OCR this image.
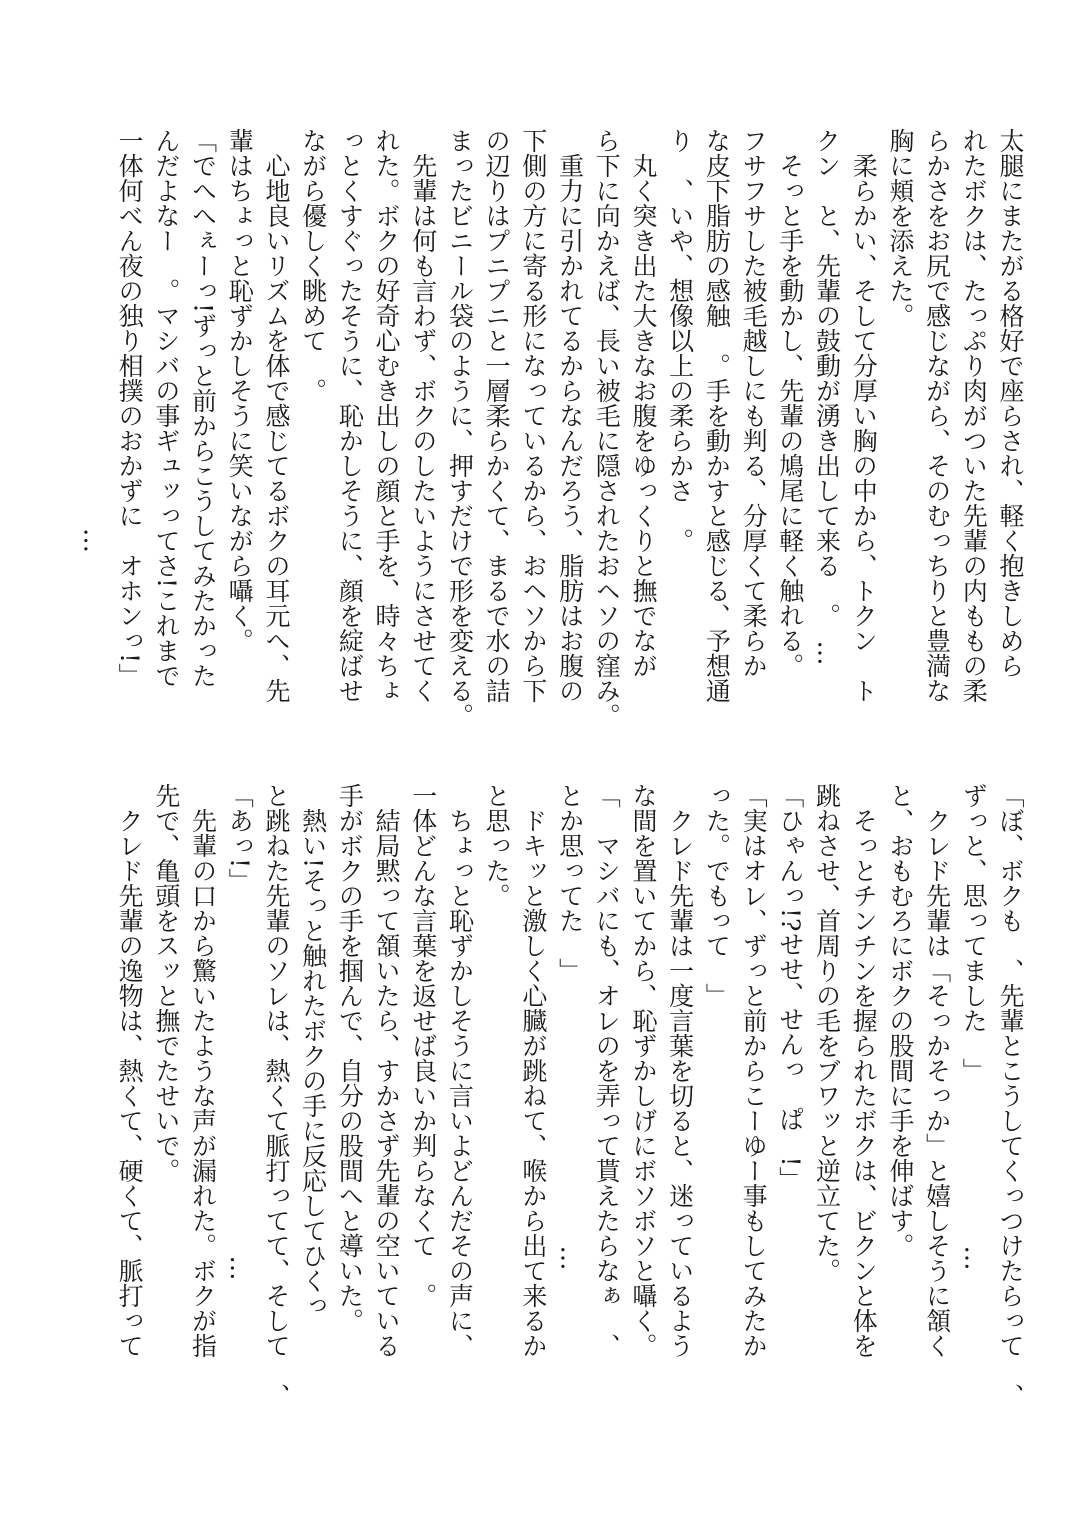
太腿にまたがる格好で座らされ、軽く抱きしめら
れたボクは、たっぷり肉がついた先輩の内ももの柔
らかさをお尻で感じながら、そのむっちりと豊満な
胸に頬を添えた。
　柔らかい、そして分厚い胸の中から、トクン　ト
クン　と、先輩の鼓動が湧き出して来る　。　…
　そっと手を動かし、先輩の鳩尾に軽く触れる。
フサフサした被毛越しにも判る、分厚くて柔らか
な皮下脂肪の感触　。手を動かすと感じる、予想通
り　、いや、想像以上の柔らかさ　。
　丸く突き出た大きなお腹をゆっくりと撫でなが
ら下に向かえば、長い被毛に隠されたおヘソの窪み。
　重力に引かれてるからなんだろう、脂肪はお腹の
下側の方に寄る形になっているから、おヘソから下
の辺りはプニプニと一層柔らかくて、まるで水の詰
まったビニール袋のように、押すだけで形を変える。
　先輩は何も言わず、ボクのしたいようにさせてく
れた。ボクの好奇心むき出しの顔と手を、時々ちょ
っとくすぐったそうに、恥かしそうに、顔を綻ばせ
ながら優しく眺めて　。
　心地良いリズムを体で感じてるボクの耳元へ、先
輩はちょっと恥ずかしそうに笑いながら囁く。
「でへへぇーっ!ずっと前からこうしてみたかった
んだよなー　。マシバの事ギュッってさ!これまで
一体何べん夜の独り相撲のおかずに　オホンっ!」
　　　　　　　　　　　　　　　　…
「ぼ、ボクも　、先輩とこうしてくっつけたらって　、
ずっと、思ってました　」　　　　　　　…
　クレド先輩は「そっかそっか」と嬉しそうに頷く
と、おもむろにボクの股間に手を伸ばす。
　そっとチンチンを握られたボクは、ビクンと体を
跳ねさせ、首周りの毛をブワッと逆立てた。
「ひゃんっ!?せせ、せんっ　ぱ　!」
「実はオレ、ずっと前からこーゆー事もしてみたか
った。でもって　」
　クレド先輩は一度言葉を切ると、迷っているよう
な間を置いてから、恥ずかしげにボソボソと囁く。
「　マシバにも、オレのを弄って貰えたらなぁ　、
とか思ってた　」　　　　　　　　　　　…
　ドキッと激しく心臓が跳ねて、喉から出て来るか
と思った。
　ちょっと恥ずかしそうに言いよどんだその声に、
一体どんな言葉を返せば良いか判らなくて　。
　結局黙って頷いたら、すかさず先輩の空いている
手がボクの手を掴んで、自分の股間へと導いた。
　熱い!そっと触れたボクの手に反応してひくっ
と跳ねた先輩のソレは、熱くて脈打ってて、そして　、
「あっ!」　　　　　　　　　　　　　　　…
　先輩の口から驚いたような声が漏れた。ボクが指
先で、亀頭をスッと撫でたせいで。
　クレド先輩の逸物は、熱くて、硬くて、脈打って
